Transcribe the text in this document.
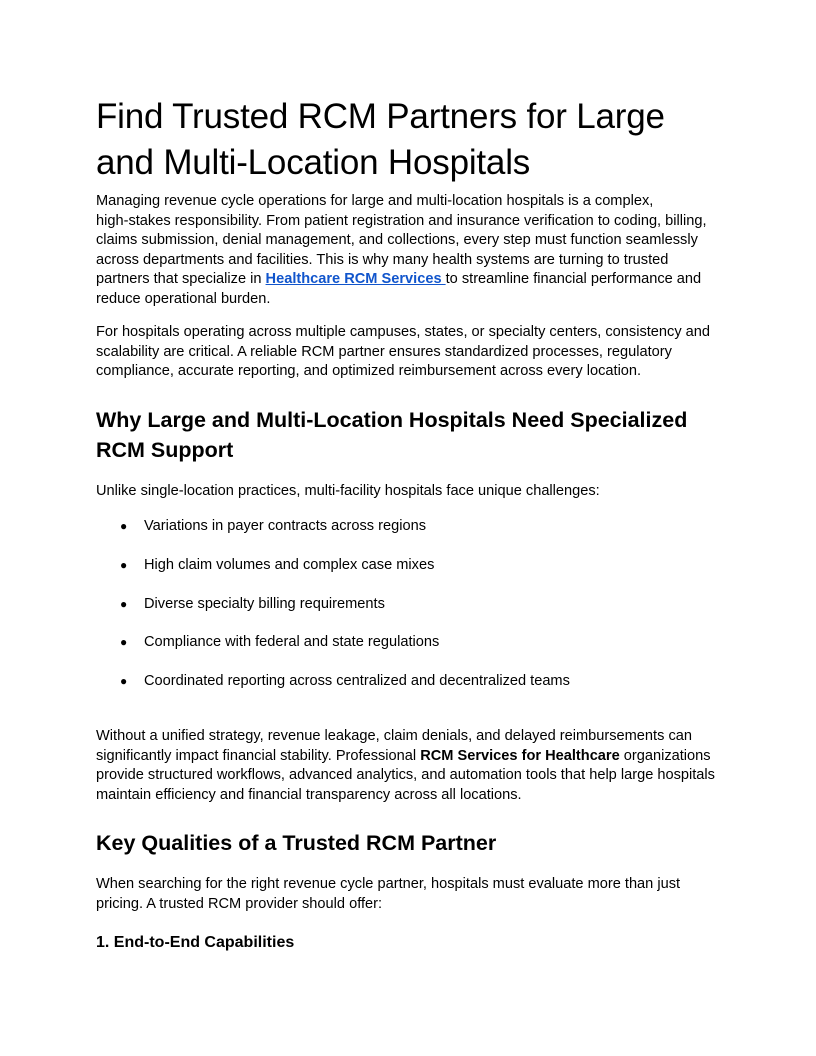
Find Trusted RCM Partners for Large
and Multi-Location Hospitals

Managing revenue cycle operations for large and multi-location hospitals is a complex,
high-stakes responsibility. From patient registration and insurance verification to coding, billing,
claims submission, denial management, and collections, every step must function seamlessly
across departments and facilities. This is why many health systems are turning to trusted
partners that specialize in Healthcare RCM Services to streamline financial performance and
reduce operational burden.

For hospitals operating across multiple campuses, states, or specialty centers, consistency and
scalability are critical. A reliable RCM partner ensures standardized processes, regulatory
compliance, accurate reporting, and optimized reimbursement across every location.

Why Large and Multi-Location Hospitals Need Specialized
RCM Support

Unlike single-location practices, multi-facility hospitals face unique challenges:

● Variations in payer contracts across regions
● High claim volumes and complex case mixes
● Diverse specialty billing requirements
● Compliance with federal and state regulations
● Coordinated reporting across centralized and decentralized teams

Without a unified strategy, revenue leakage, claim denials, and delayed reimbursements can
significantly impact financial stability. Professional RCM Services for Healthcare organizations
provide structured workflows, advanced analytics, and automation tools that help large hospitals
maintain efficiency and financial transparency across all locations.

Key Qualities of a Trusted RCM Partner

When searching for the right revenue cycle partner, hospitals must evaluate more than just
pricing. A trusted RCM provider should offer:

1. End-to-End Capabilities
